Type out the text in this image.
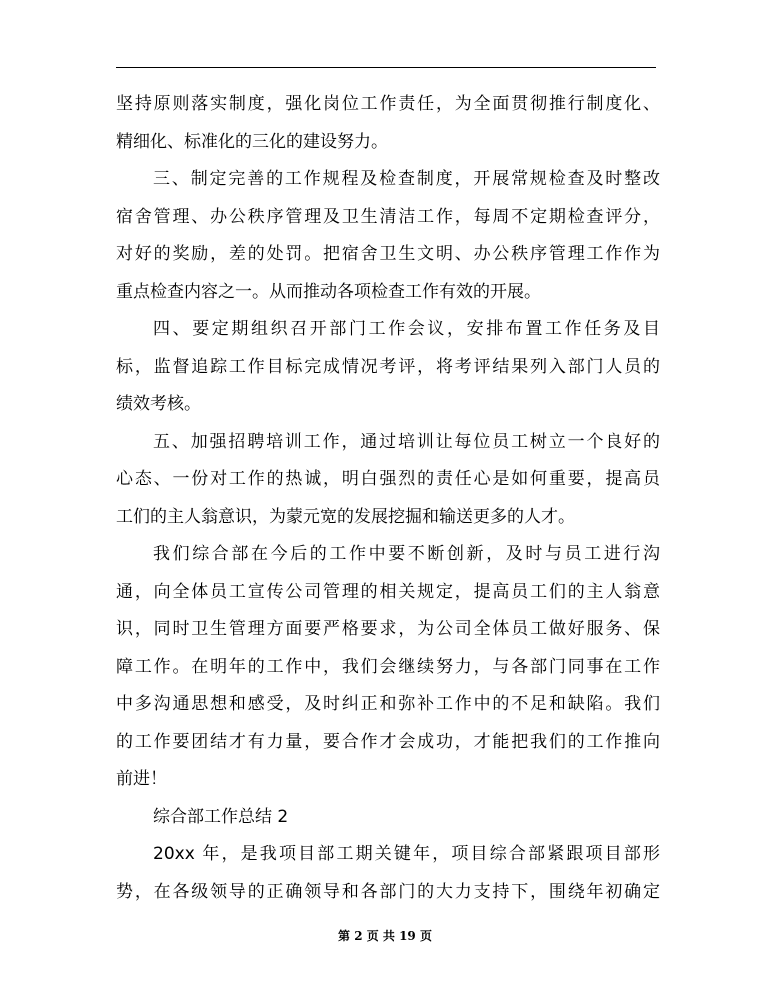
坚持原则落实制度，强化岗位工作责任，为全面贯彻推行制度化、
精细化、标准化的三化的建设努力。
三、制定完善的工作规程及检查制度，开展常规检查及时整改
宿舍管理、办公秩序管理及卫生清洁工作，每周不定期检查评分，
对好的奖励，差的处罚。把宿舍卫生文明、办公秩序管理工作作为
重点检查内容之一。从而推动各项检查工作有效的开展。
四、要定期组织召开部门工作会议，安排布置工作任务及目
标，监督追踪工作目标完成情况考评，将考评结果列入部门人员的
绩效考核。
五、加强招聘培训工作，通过培训让每位员工树立一个良好的
心态、一份对工作的热诚，明白强烈的责任心是如何重要，提高员
工们的主人翁意识，为蒙元宽的发展挖掘和输送更多的人才。
我们综合部在今后的工作中要不断创新，及时与员工进行沟
通，向全体员工宣传公司管理的相关规定，提高员工们的主人翁意
识，同时卫生管理方面要严格要求，为公司全体员工做好服务、保
障工作。在明年的工作中，我们会继续努力，与各部门同事在工作
中多沟通思想和感受，及时纠正和弥补工作中的不足和缺陷。我们
的工作要团结才有力量，要合作才会成功，才能把我们的工作推向
前进！
综合部工作总结 2
20xx 年，是我项目部工期关键年，项目综合部紧跟项目部形
势，在各级领导的正确领导和各部门的大力支持下，围绕年初确定
第 2 页 共 19 页
